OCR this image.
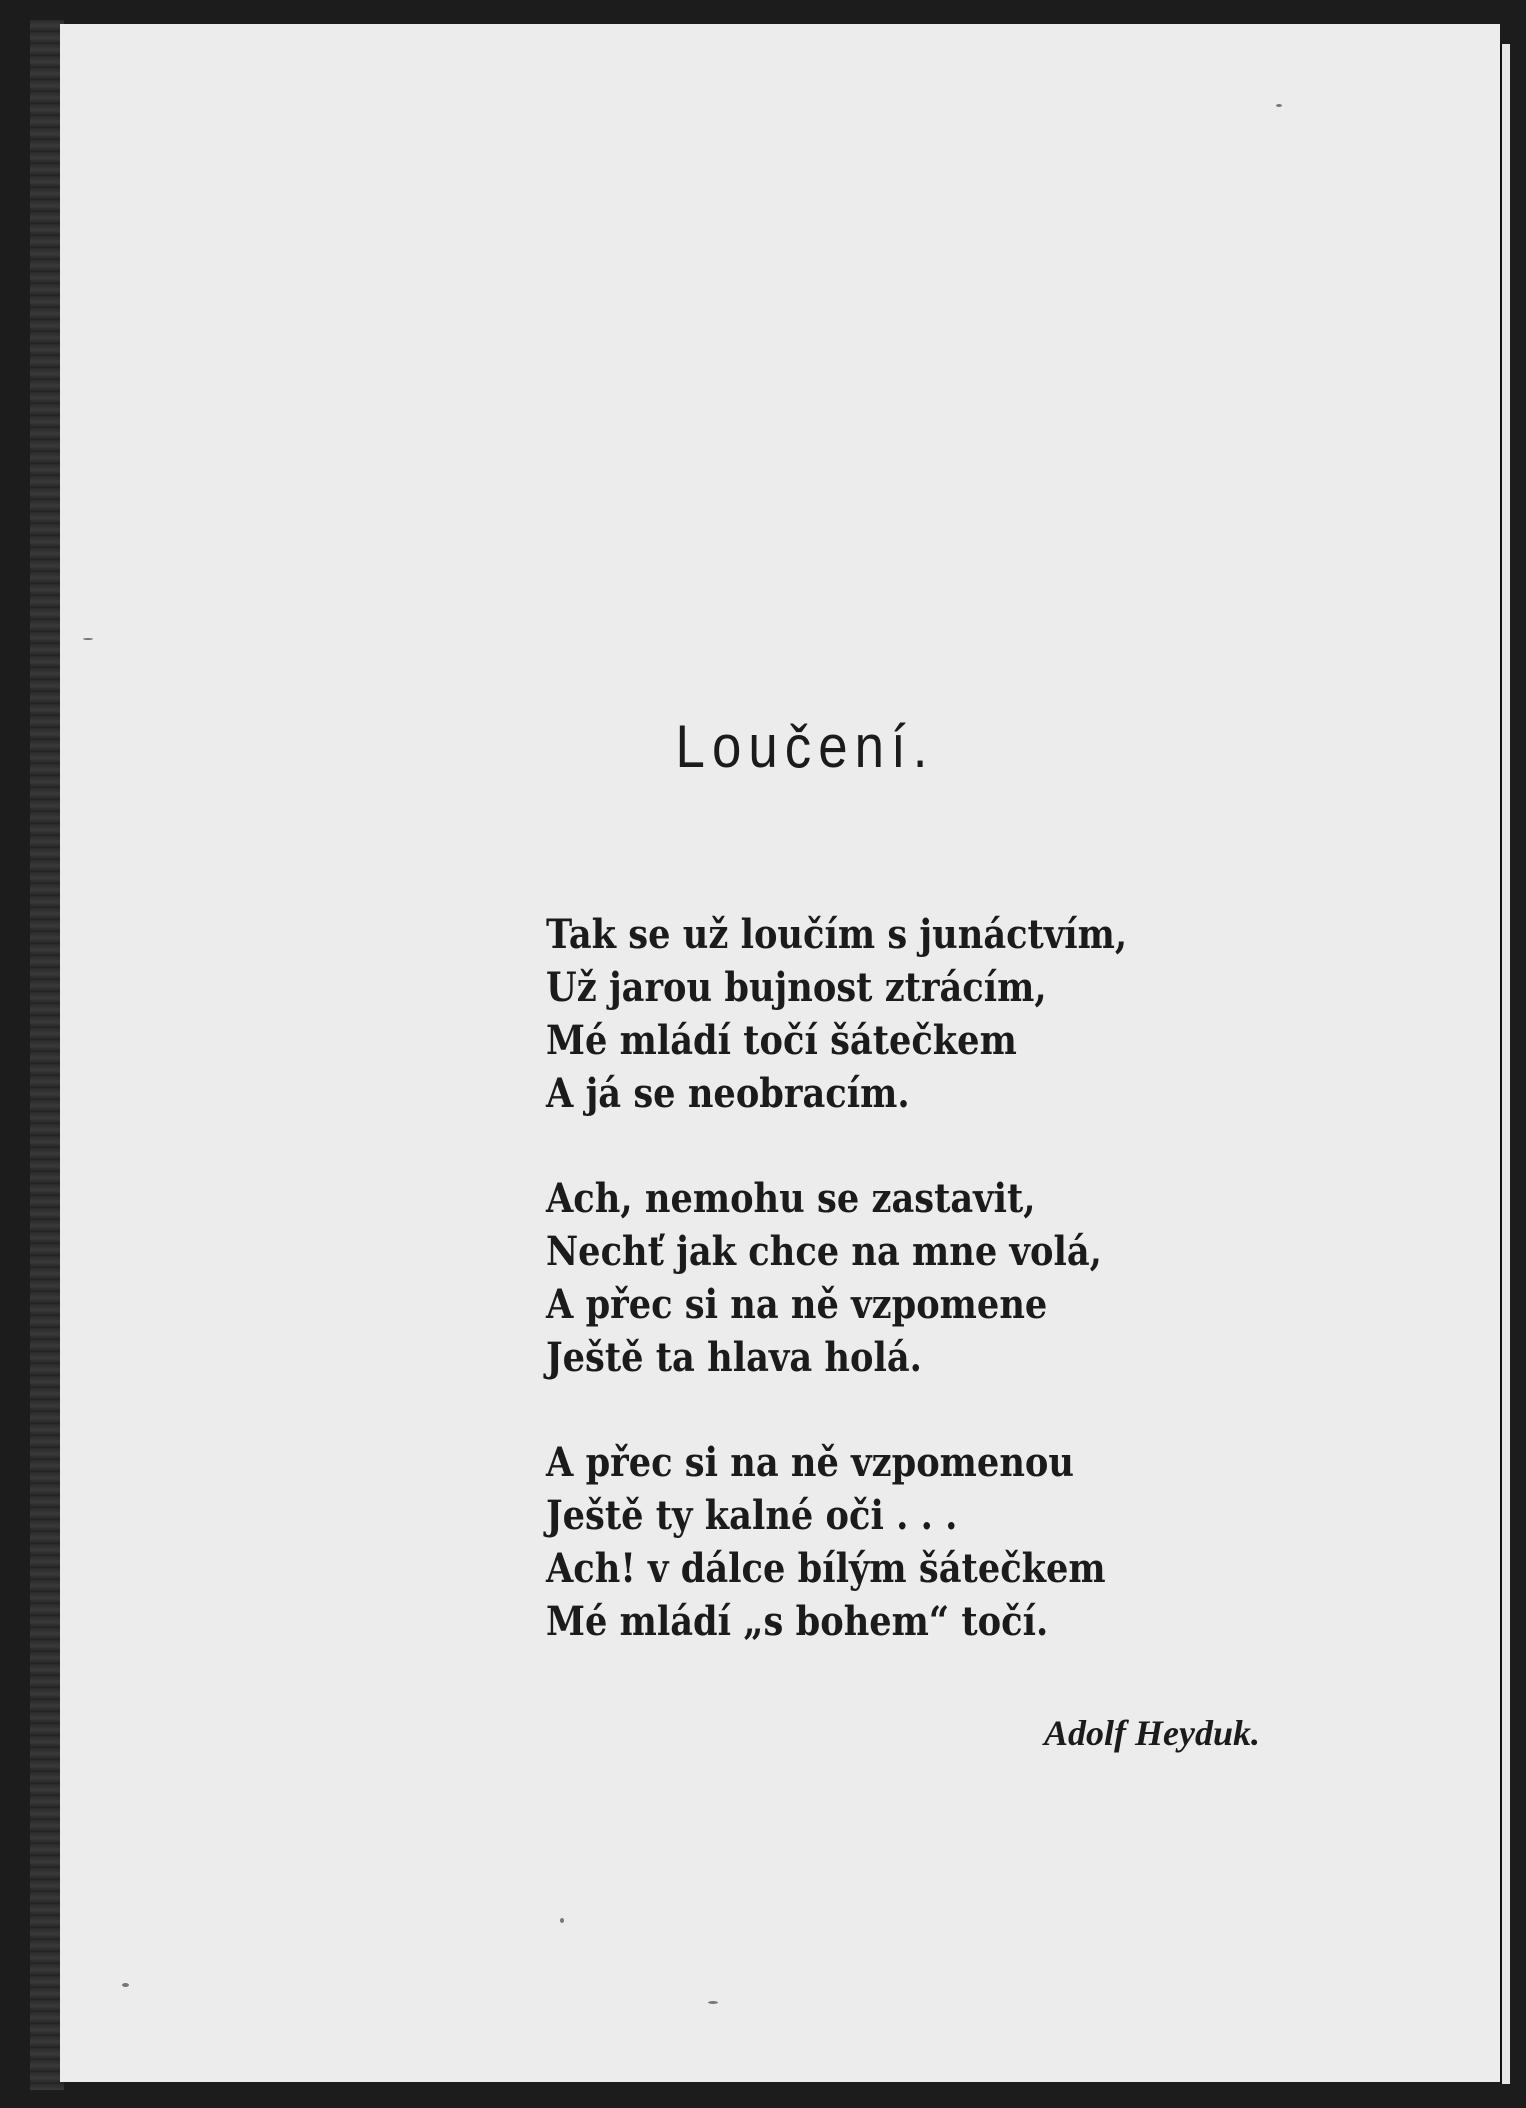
Loučení.
Tak se už loučím s junáctvím,
Už jarou bujnost ztrácím,
Mé mládí točí šátečkem
A já se neobracím.
Ach, nemohu se zastavit,
Nechť jak chce na mne volá,
A přec si na ně vzpomene
Ještě ta hlava holá.
A přec si na ně vzpomenou
Ještě ty kalné oči . . .
Ach! v dálce bílým šátečkem
Mé mládí „s bohem“ točí.
Adolf Heyduk.
